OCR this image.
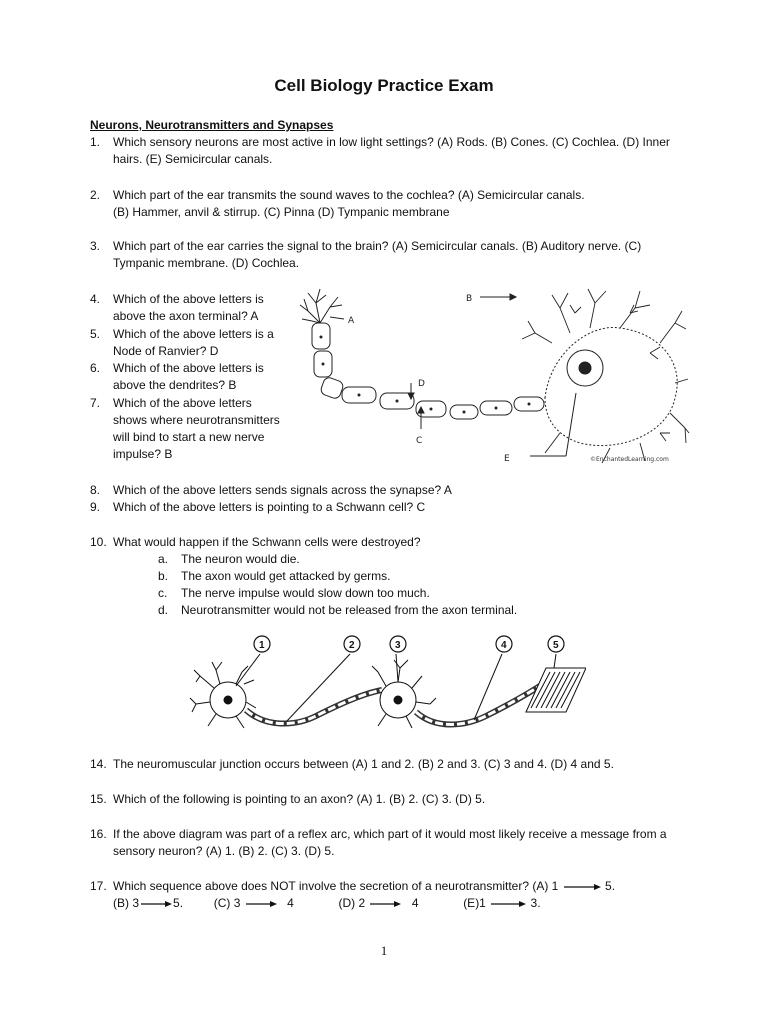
Cell Biology Practice Exam
Neurons, Neurotransmitters and Synapses
1. Which sensory neurons are most active in low light settings? (A) Rods. (B) Cones. (C) Cochlea. (D) Inner hairs. (E) Semicircular canals.
2. Which part of the ear transmits the sound waves to the cochlea? (A) Semicircular canals. (B) Hammer, anvil & stirrup. (C) Pinna (D) Tympanic membrane
3. Which part of the ear carries the signal to the brain? (A) Semicircular canals. (B) Auditory nerve. (C) Tympanic membrane. (D) Cochlea.
4. Which of the above letters is above the axon terminal? A
5. Which of the above letters is a Node of Ranvier? D
6. Which of the above letters is above the dendrites? B
7. Which of the above letters shows where neurotransmitters will bind to start a new nerve impulse? B
A
B
D
C
E	©EnchantedLearning.com
8. Which of the above letters sends signals across the synapse? A
9. Which of the above letters is pointing to a Schwann cell? C
10. What would happen if the Schwann cells were destroyed?
a. The neuron would die.
b. The axon would get attacked by germs.
c. The nerve impulse would slow down too much.
d. Neurotransmitter would not be released from the axon terminal.
1	2	3	4	5
14. The neuromuscular junction occurs between (A) 1 and 2. (B) 2 and 3. (C) 3 and 4. (D) 4 and 5.
15. Which of the following is pointing to an axon? (A) 1. (B) 2. (C) 3. (D) 5.
16. If the above diagram was part of a reflex arc, which part of it would most likely receive a message from a sensory neuron? (A) 1. (B) 2. (C) 3. (D) 5.
17. Which sequence above does NOT involve the secretion of a neurotransmitter? (A) 1	5.
(B) 3	5.	(C) 3	4	(D) 2	4	(E)1	3.
1
